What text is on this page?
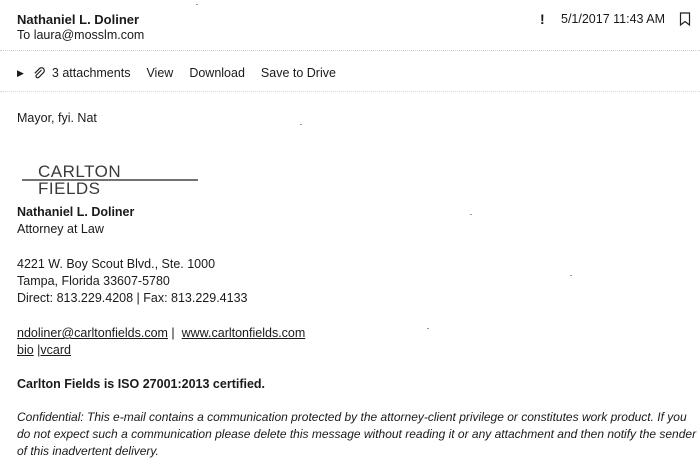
Nathaniel L. Doliner
To laura@mosslm.com
! 5/1/2017 11:43 AM
▶ 3 attachments View Download Save to Drive
Mayor, fyi. Nat
CARLTON
FIELDS
Nathaniel L. Doliner
Attorney at Law
4221 W. Boy Scout Blvd., Ste. 1000
Tampa, Florida 33607-5780
Direct: 813.229.4208 | Fax: 813.229.4133
ndoliner@carltonfields.com |  www.carltonfields.com
bio |vcard
Carlton Fields is ISO 27001:2013 certified.
Confidential: This e-mail contains a communication protected by the attorney-client privilege or constitutes work product. If you do not expect such a communication please delete this message without reading it or any attachment and then notify the sender of this inadvertent delivery.
